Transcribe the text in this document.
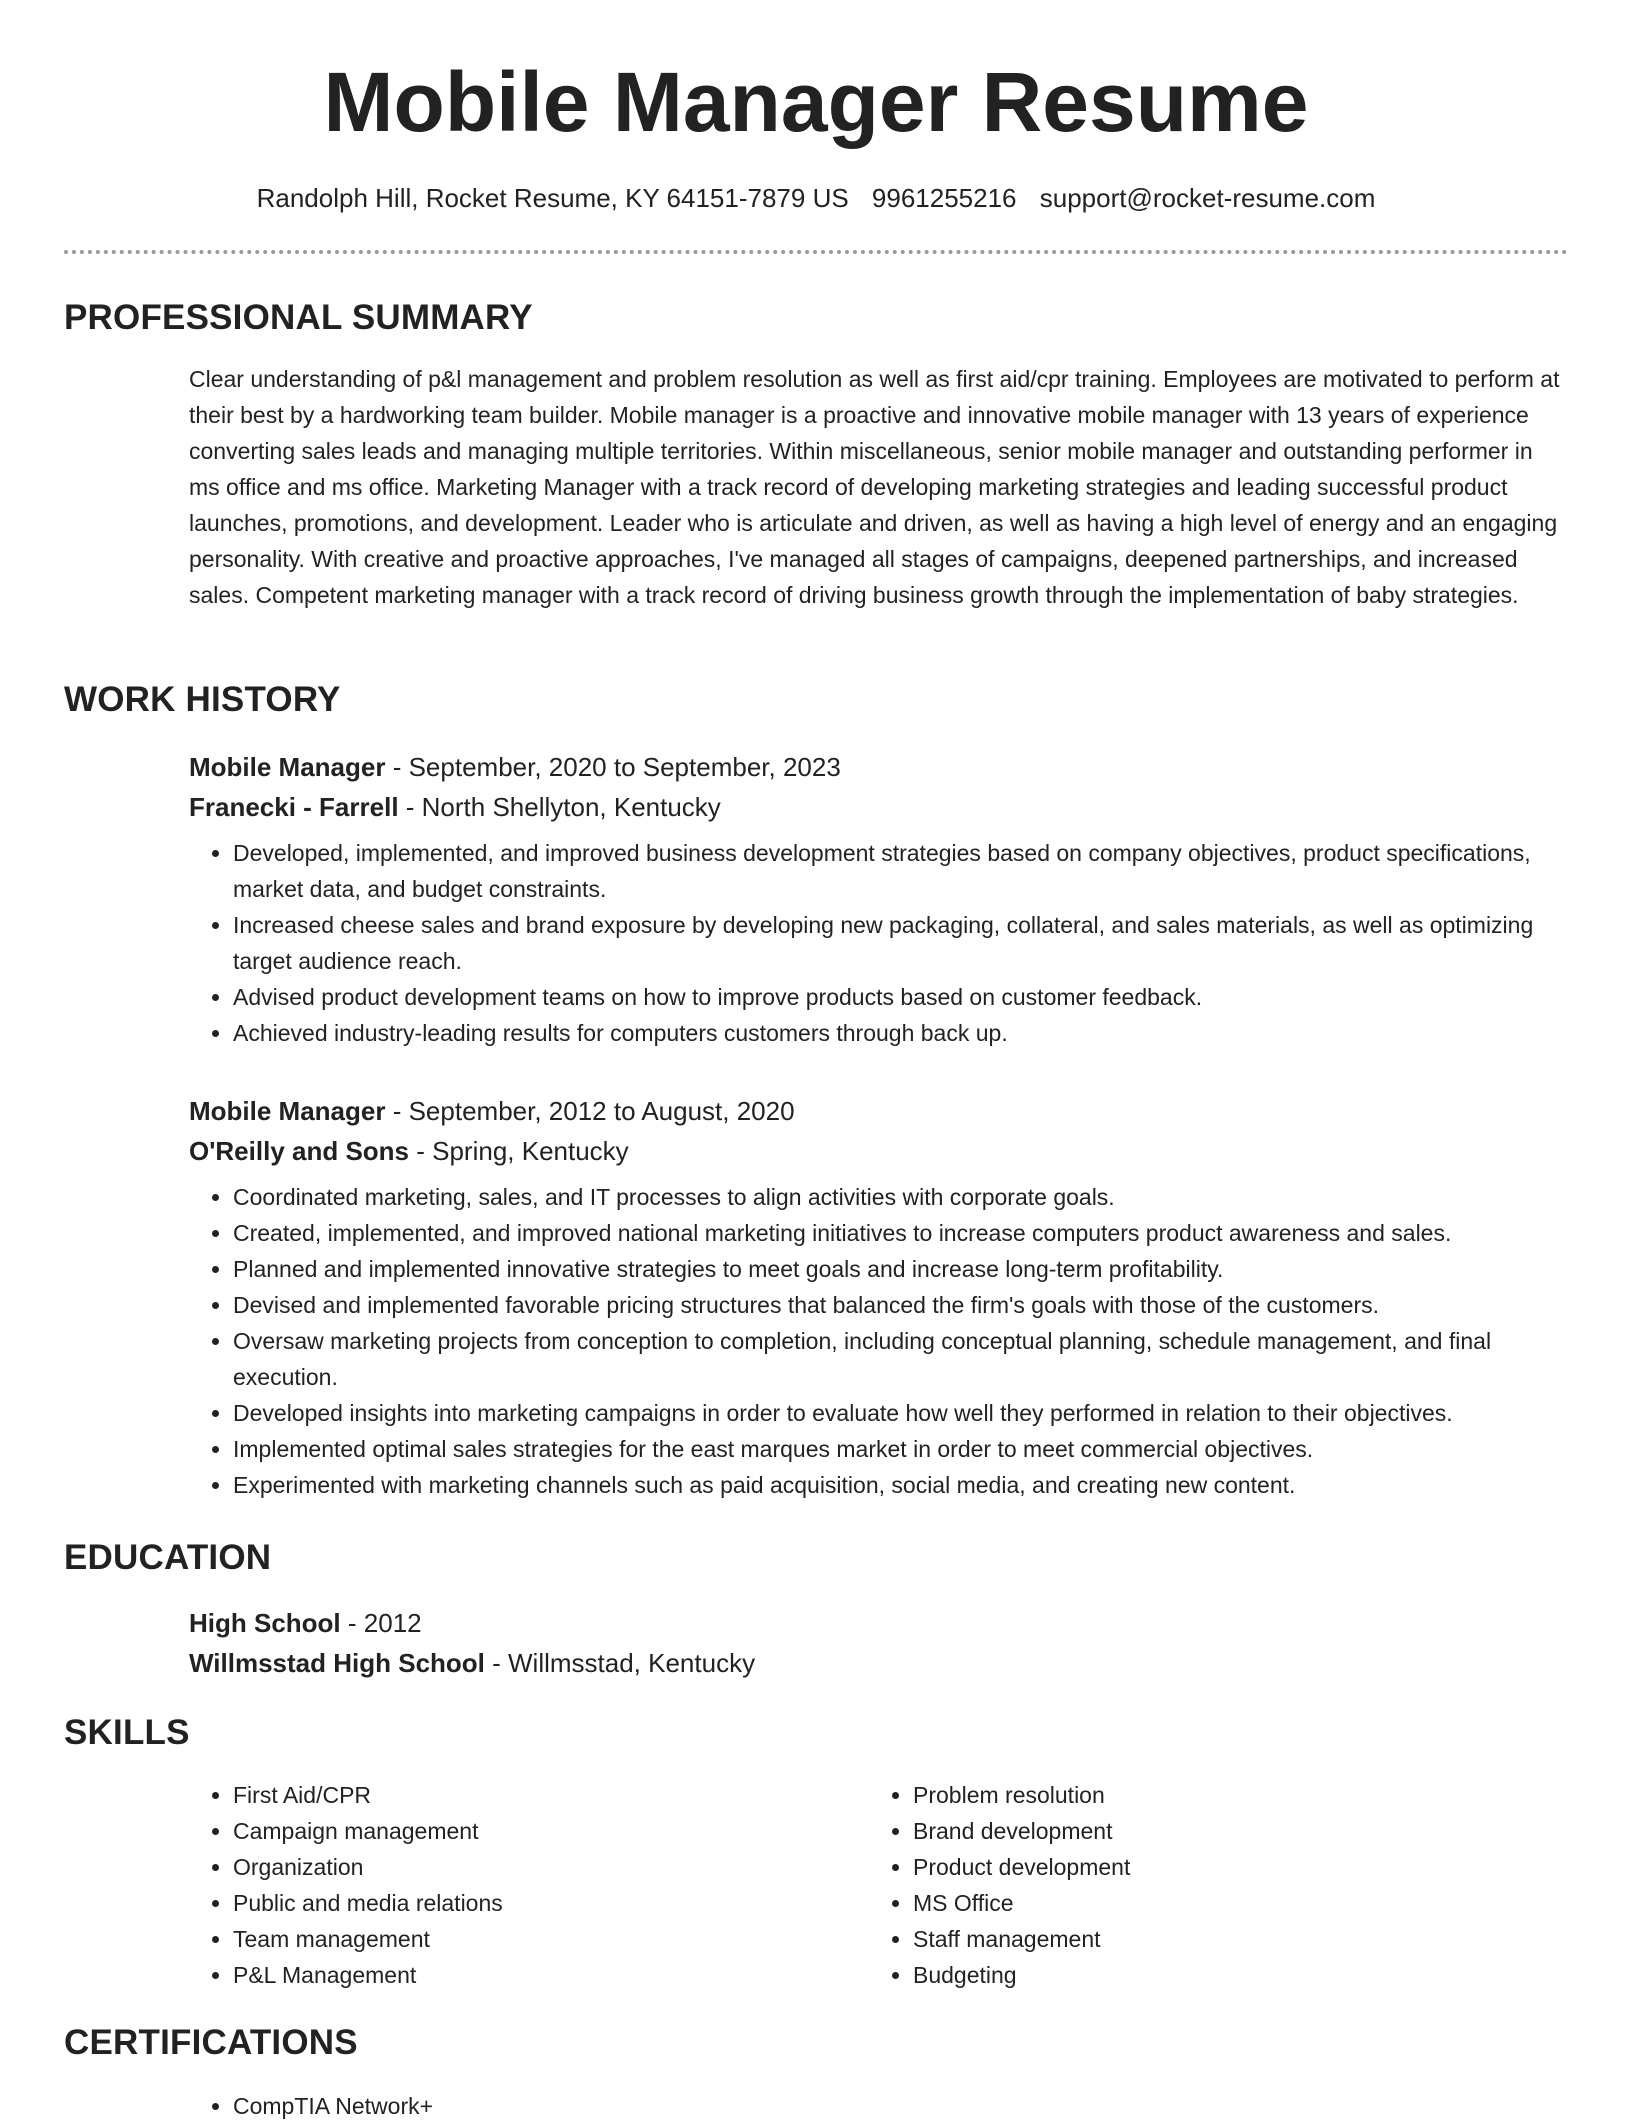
Mobile Manager Resume
Randolph Hill, Rocket Resume, KY 64151-7879 US 9961255216 support@rocket-resume.com
PROFESSIONAL SUMMARY

Clear understanding of p&l management and problem resolution as well as first aid/cpr training. Employees are motivated to perform at their best by a hardworking team builder. Mobile manager is a proactive and innovative mobile manager with 13 years of experience converting sales leads and managing multiple territories. Within miscellaneous, senior mobile manager and outstanding performer in ms office and ms office. Marketing Manager with a track record of developing marketing strategies and leading successful product launches, promotions, and development. Leader who is articulate and driven, as well as having a high level of energy and an engaging personality. With creative and proactive approaches, I've managed all stages of campaigns, deepened partnerships, and increased sales. Competent marketing manager with a track record of driving business growth through the implementation of baby strategies.

WORK HISTORY

Mobile Manager - September, 2020 to September, 2023

Franecki - Farrell - North Shellyton, Kentucky

• Developed, implemented, and improved business development strategies based on company objectives, product specifications, market data, and budget constraints.
• Increased cheese sales and brand exposure by developing new packaging, collateral, and sales materials, as well as optimizing target audience reach.
• Advised product development teams on how to improve products based on customer feedback.
• Achieved industry-leading results for computers customers through back up.

Mobile Manager - September, 2012 to August, 2020

O'Reilly and Sons - Spring, Kentucky

• Coordinated marketing, sales, and IT processes to align activities with corporate goals.
• Created, implemented, and improved national marketing initiatives to increase computers product awareness and sales.
• Planned and implemented innovative strategies to meet goals and increase long-term profitability.
• Devised and implemented favorable pricing structures that balanced the firm's goals with those of the customers.
• Oversaw marketing projects from conception to completion, including conceptual planning, schedule management, and final execution.
• Developed insights into marketing campaigns in order to evaluate how well they performed in relation to their objectives.
• Implemented optimal sales strategies for the east marques market in order to meet commercial objectives.
• Experimented with marketing channels such as paid acquisition, social media, and creating new content.
EDUCATION

High School - 2012

Willmsstad High School - Willmsstad, Kentucky

SKILLS
• First Aid/CPR
• Campaign management
• Organization
• Public and media relations
• Team management
• P&L Management
• Problem resolution
• Brand development
• Product development
• MS Office
• Staff management
• Budgeting
CERTIFICATIONS
• CompTIA Network+
